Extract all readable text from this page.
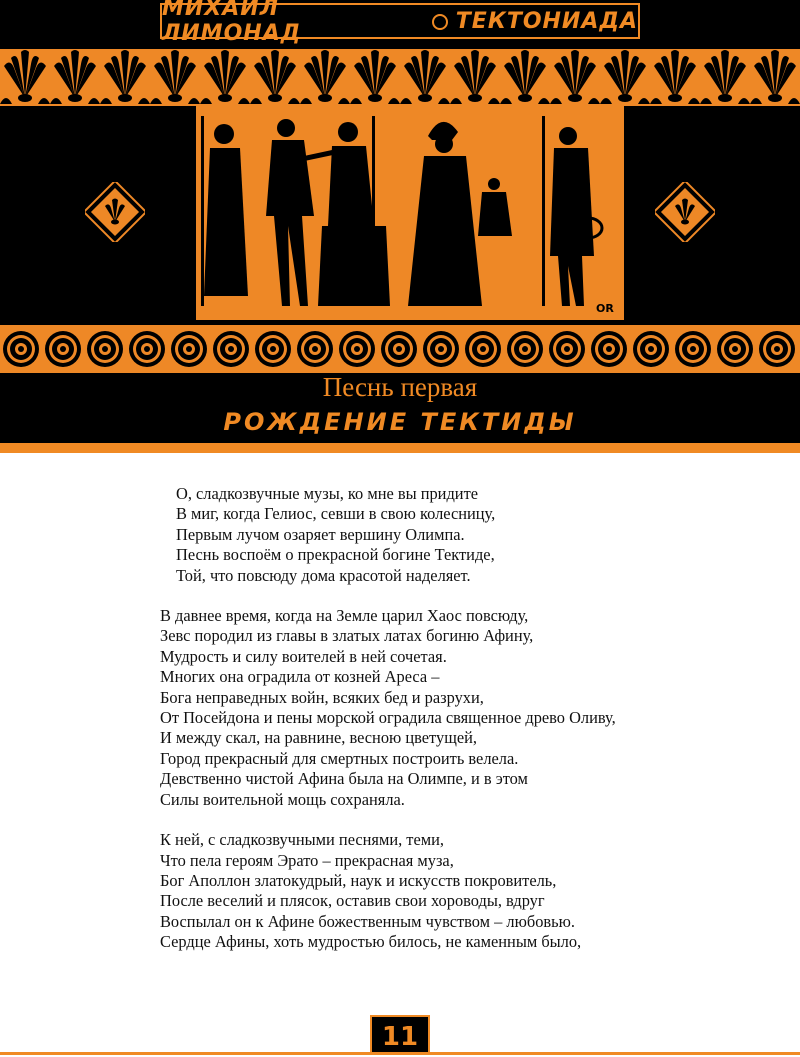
МИХАИЛ ЛИМОНАД	ТЕКТОНИАДА
OR
Песнь первая
РОЖДЕНИЕ ТЕКТИДЫ
О, сладкозвучные музы, ко мне вы придите
В миг, когда Гелиос, севши в свою колесницу,
Первым лучом озаряет вершину Олимпа.
Песнь воспоём о прекрасной богине Тектиде,
Той, что повсюду дома красотой наделяет.
В давнее время, когда на Земле царил Хаос повсюду,
Зевс породил из главы в златых латах богиню Афину,
Мудрость и силу воителей в ней сочетая.
Многих она оградила от козней Ареса –
Бога неправедных войн, всяких бед и разрухи,
От Посейдона и пены морской оградила священное древо Оливу,
И между скал, на равнине, весною цветущей,
Город прекрасный для смертных построить велела.
Девственно чистой Афина была на Олимпе, и в этом
Силы воительной мощь сохраняла.
К ней, с сладкозвучными песнями, теми,
Что пела героям Эрато – прекрасная муза,
Бог Аполлон златокудрый, наук и искусств покровитель,
После веселий и плясок, оставив свои хороводы, вдруг
Воспылал он к Афине божественным чувством – любовью.
Сердце Афины, хоть мудростью билось, не каменным было,
11
